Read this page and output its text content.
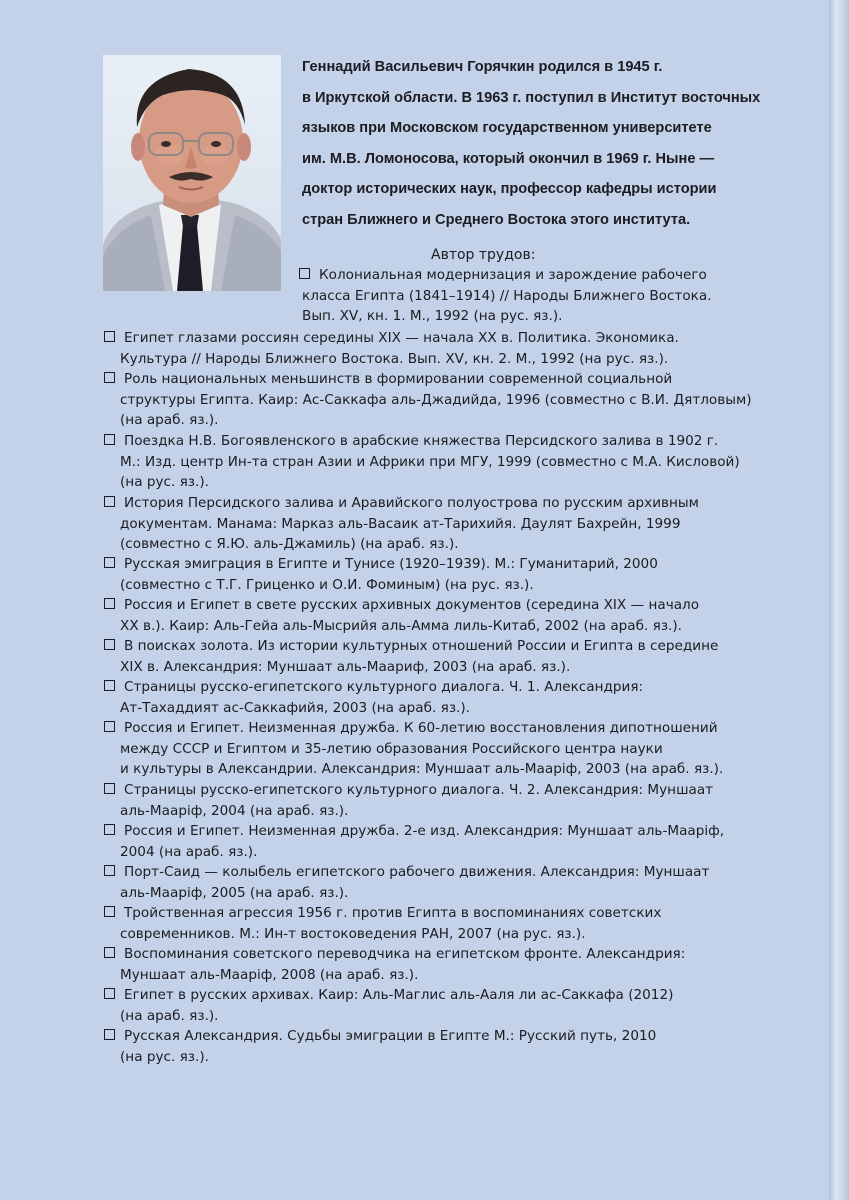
Геннадий Васильевич Горячкин родился в 1945 г.
в Иркутской области. В 1963 г. поступил в Институт восточных
языков при Московском государственном университете
им. М.В. Ломоносова, который окончил в 1969 г. Ныне —
доктор исторических наук, профессор кафедры истории
стран Ближнего и Среднего Востока этого института.
Автор трудов:
Колониальная модернизация и зарождение рабочего
класса Египта (1841–1914) // Народы Ближнего Востока.
Вып. XV, кн. 1. М., 1992 (на рус. яз.).
Египет глазами россиян середины XIX — начала XX в. Политика. Экономика.
Культура // Народы Ближнего Востока. Вып. XV, кн. 2. М., 1992 (на рус. яз.).
Роль национальных меньшинств в формировании современной социальной
структуры Египта. Каир: Ас-Саккафа аль-Джадийда, 1996 (совместно с В.И. Дятловым)
(на араб. яз.).
Поездка Н.В. Богоявленского в арабские княжества Персидского залива в 1902 г.
М.: Изд. центр Ин-та стран Азии и Африки при МГУ, 1999 (совместно с М.А. Кисловой)
(на рус. яз.).
История Персидского залива и Аравийского полуострова по русским архивным
документам. Манама: Марказ аль-Васаик ат-Тарихийя. Даулят Бахрейн, 1999
(совместно с Я.Ю. аль-Джамиль) (на араб. яз.).
Русская эмиграция в Египте и Тунисе (1920–1939). М.: Гуманитарий, 2000
(совместно с Т.Г. Гриценко и О.И. Фоминым) (на рус. яз.).
Россия и Египет в свете русских архивных документов (середина XIX — начало
XX в.). Каир: Аль-Гейа аль-Мысрийя аль-Амма лиль-Китаб, 2002 (на араб. яз.).
В поисках золота. Из истории культурных отношений России и Египта в середине
XIX в. Александрия: Муншаат аль-Маариф, 2003 (на араб. яз.).
Страницы русско-египетского культурного диалога. Ч. 1. Александрия:
Ат-Тахаддият ас-Саккафийя, 2003 (на араб. яз.).
Россия и Египет. Неизменная дружба. К 60-летию восстановления дипотношений
между СССР и Египтом и 35-летию образования Российского центра науки
и культуры в Александрии. Александрия: Муншаат аль-Мааріф, 2003 (на араб. яз.).
Страницы русско-египетского культурного диалога. Ч. 2. Александрия: Муншаат
аль-Мааріф, 2004 (на араб. яз.).
Россия и Египет. Неизменная дружба. 2-е изд. Александрия: Муншаат аль-Мааріф,
2004 (на араб. яз.).
Порт-Саид — колыбель египетского рабочего движения. Александрия: Муншаат
аль-Мааріф, 2005 (на араб. яз.).
Тройственная агрессия 1956 г. против Египта в воспоминаниях советских
современников. М.: Ин-т востоковедения РАН, 2007 (на рус. яз.).
Воспоминания советского переводчика на египетском фронте. Александрия:
Муншаат аль-Мааріф, 2008 (на араб. яз.).
Египет в русских архивах. Каир: Аль-Маглис аль-Ааля ли ас-Саккафа (2012)
(на араб. яз.).
Русская Александрия. Судьбы эмиграции в Египте М.: Русский путь, 2010
(на рус. яз.).
